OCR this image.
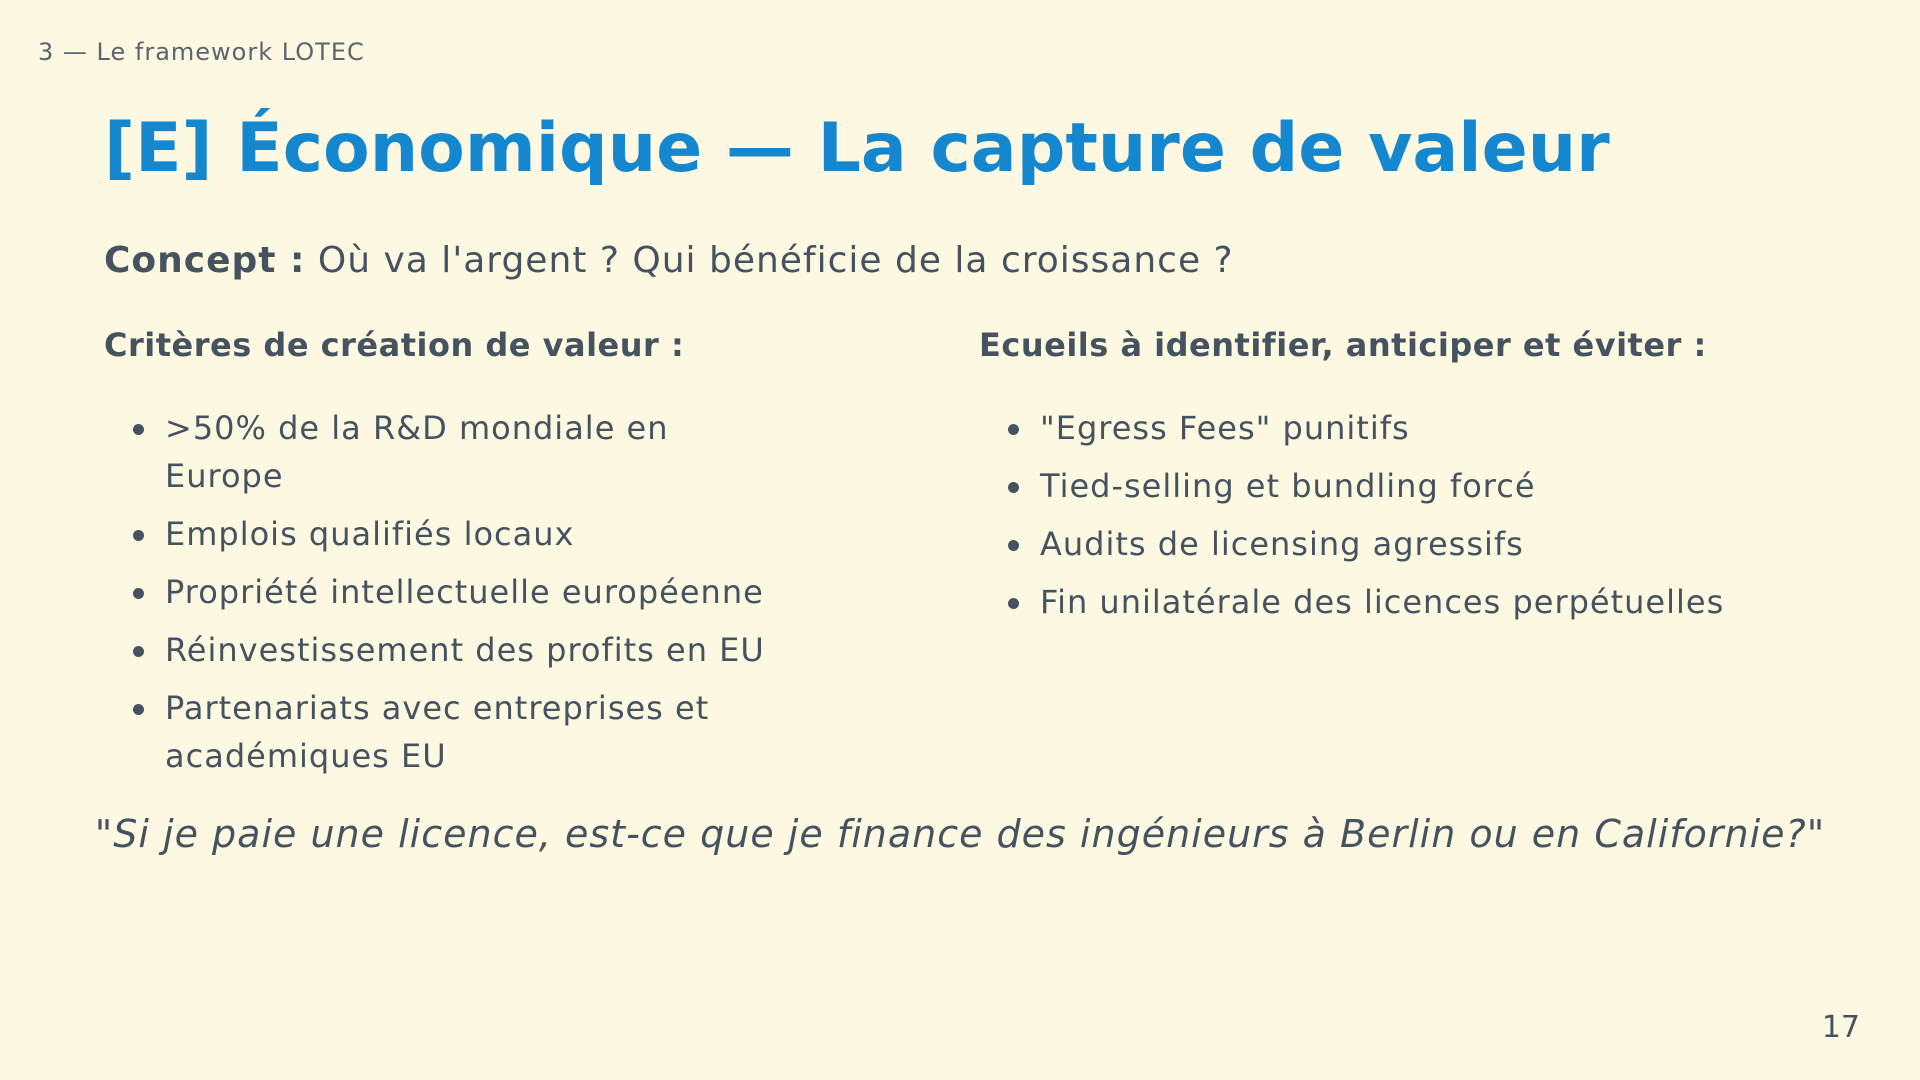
3 — Le framework LOTEC
[E] Économique — La capture de valeur
Concept : Où va l'argent ? Qui bénéficie de la croissance ?
Critères de création de valeur :
>50% de la R&D mondiale en Europe
Emplois qualifiés locaux
Propriété intellectuelle européenne
Réinvestissement des profits en EU
Partenariats avec entreprises et académiques EU
Ecueils à identifier, anticiper et éviter :
"Egress Fees" punitifs
Tied-selling et bundling forcé
Audits de licensing agressifs
Fin unilatérale des licences perpétuelles
"Si je paie une licence, est-ce que je finance des ingénieurs à Berlin ou en Californie?"
17
